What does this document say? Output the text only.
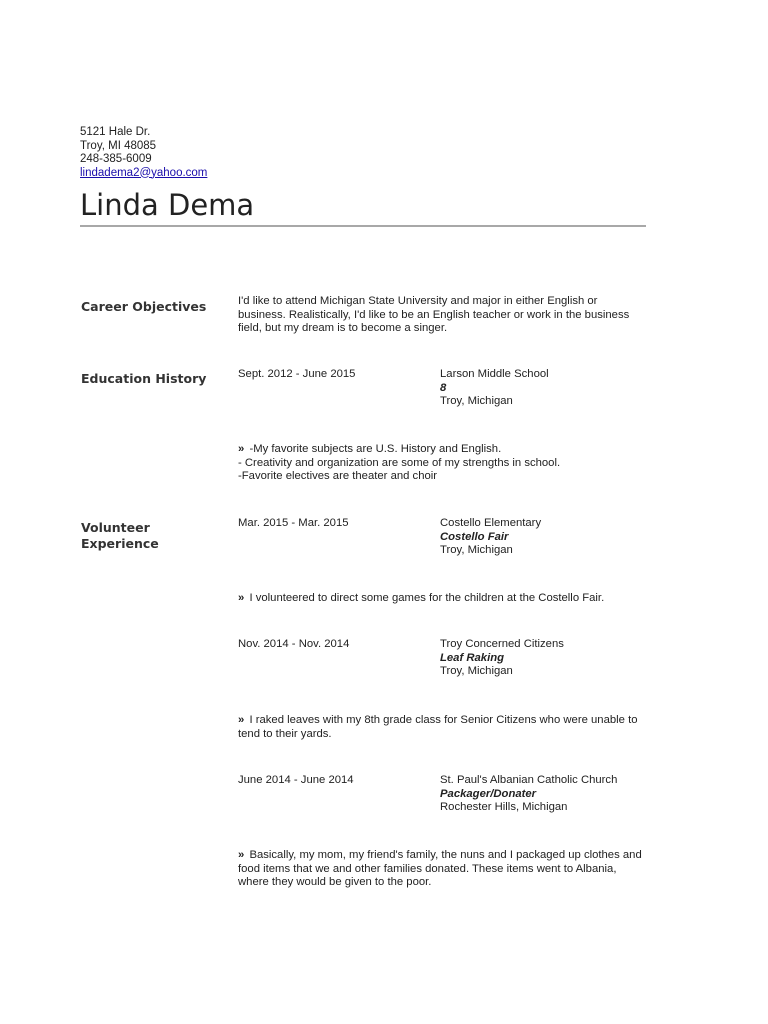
5121 Hale Dr.
Troy, MI 48085
248-385-6009
lindadema2@yahoo.com
Linda Dema
Career Objectives	I'd like to attend Michigan State University and major in either English or business. Realistically, I'd like to be an English teacher or work in the business field, but my dream is to become a singer.
Education History	Sept. 2012 - June 2015	Larson Middle School
8
Troy, Michigan
» -My favorite subjects are U.S. History and English.
- Creativity and organization are some of my strengths in school.
-Favorite electives are theater and choir
Volunteer
Experience
Mar. 2015 - Mar. 2015	Costello Elementary
Costello Fair
Troy, Michigan
» I volunteered to direct some games for the children at the Costello Fair.
Nov. 2014 - Nov. 2014	Troy Concerned Citizens
Leaf Raking
Troy, Michigan
» I raked leaves with my 8th grade class for Senior Citizens who were unable to tend to their yards.
June 2014 - June 2014	St. Paul's Albanian Catholic Church
Packager/Donater
Rochester Hills, Michigan
» Basically, my mom, my friend's family, the nuns and I packaged up clothes and food items that we and other families donated. These items went to Albania, where they would be given to the poor.
